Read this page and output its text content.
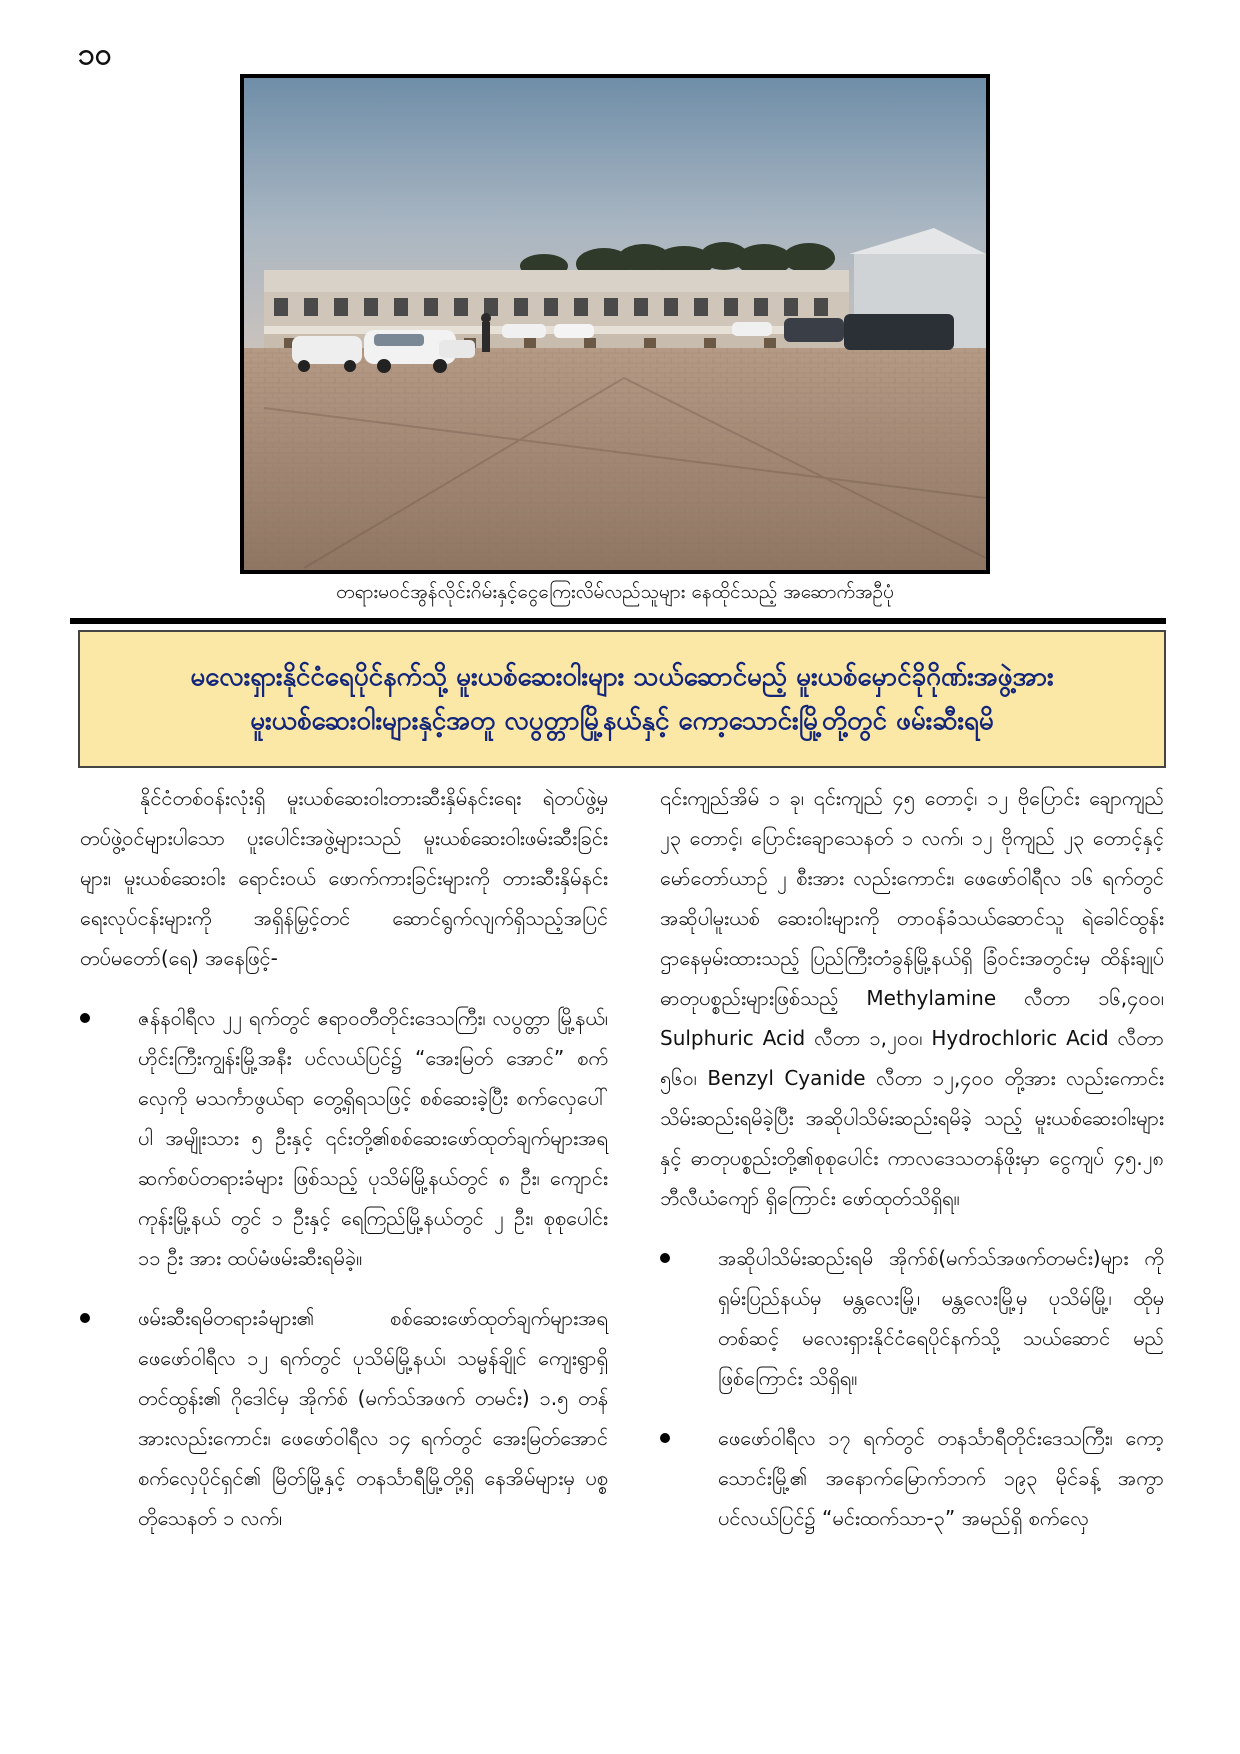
၁၀
တရားမဝင်အွန်လိုင်းဂိမ်းနှင့်ငွေကြေးလိမ်လည်သူများ နေထိုင်သည့် အဆောက်အဦပုံ
မလေးရှားနိုင်ငံရေပိုင်နက်သို့ မူးယစ်ဆေးဝါးများ သယ်ဆောင်မည့် မူးယစ်မှောင်ခိုဂိုဏ်းအဖွဲ့အား
မူးယစ်ဆေးဝါးများနှင့်အတူ လပွတ္တာမြို့နယ်နှင့် ကော့သောင်းမြို့တို့တွင် ဖမ်းဆီးရမိ

နိုင်ငံတစ်ဝန်းလုံးရှိ မူးယစ်ဆေးဝါးတားဆီးနှိမ်နင်းရေး ရဲတပ်ဖွဲ့မှ တပ်ဖွဲ့ဝင်များပါသော ပူးပေါင်းအဖွဲ့များသည် မူးယစ်ဆေးဝါးဖမ်းဆီးခြင်းများ၊ မူးယစ်ဆေးဝါး ရောင်းဝယ် ဖောက်ကားခြင်းများကို တားဆီးနှိမ်နင်းရေးလုပ်ငန်းများကို အရှိန်မြှင့်တင် ဆောင်ရွက်လျက်ရှိသည့်အပြင် တပ်မတော်(ရေ) အနေဖြင့်-

ဇန်နဝါရီလ ၂၂ ရက်တွင် ဧရာဝတီတိုင်းဒေသကြီး၊ လပွတ္တာ မြို့နယ်၊ ဟိုင်းကြီးကျွန်းမြို့အနီး ပင်လယ်ပြင်၌ “အေးမြတ် အောင်” စက်လှေကို မသင်္ကာဖွယ်ရာ တွေ့ရှိရသဖြင့် စစ်ဆေးခဲ့ပြီး စက်လှေပေါ်ပါ အမျိုးသား ၅ ဦးနှင့် ၎င်းတို့၏စစ်ဆေးဖော်ထုတ်ချက်များအရ ဆက်စပ်တရားခံများ ဖြစ်သည့် ပုသိမ်မြို့နယ်တွင် ၈ ဦး၊ ကျောင်းကုန်းမြို့နယ် တွင် ၁ ဦးနှင့် ရေကြည်မြို့နယ်တွင် ၂ ဦး၊ စုစုပေါင်း ၁၁ ဦး အား ထပ်မံဖမ်းဆီးရမိခဲ့။

ဖမ်းဆီးရမိတရားခံများ၏ စစ်ဆေးဖော်ထုတ်ချက်များအရ ဖေဖော်ဝါရီလ ၁၂ ရက်တွင် ပုသိမ်မြို့နယ်၊ သမ္မန်ချိုင် ကျေးရွာရှိ တင်ထွန်း၏ ဂိုဒေါင်မှ အိုက်စ် (မက်သ်အဖက် တမင်း) ၁.၅ တန်အားလည်းကောင်း၊ ဖေဖော်ဝါရီလ ၁၄ ရက်တွင် အေးမြတ်အောင် စက်လှေပိုင်ရှင်၏ မြိတ်မြို့နှင့် တနင်္သာရီမြို့တို့ရှိ နေအိမ်များမှ ပစ္စတိုသေနတ် ၁ လက်၊

၎င်းကျည်အိမ် ၁ ခု၊ ၎င်းကျည် ၄၅ တောင့်၊ ၁၂ ဗိုပြောင်း ချောကျည် ၂၃ တောင့်၊ ပြောင်းချောသေနတ် ၁ လက်၊ ၁၂ ဗိုကျည် ၂၃ တောင့်နှင့် မော်တော်ယာဉ် ၂ စီးအား လည်းကောင်း၊ ဖေဖော်ဝါရီလ ၁၆ ရက်တွင် အဆိုပါမူးယစ် ဆေးဝါးများကို တာဝန်ခံသယ်ဆောင်သူ ရဲခေါင်ထွန်း ဌာနေမှမ်းထားသည့် ပြည်ကြီးတံခွန်မြို့နယ်ရှိ ခြံဝင်းအတွင်းမှ ထိန်းချုပ်ဓာတုပစ္စည်းများဖြစ်သည့် Methylamine လီတာ ၁၆,၄၀၀၊ Sulphuric Acid လီတာ ၁,၂၀၀၊ Hydrochloric Acid လီတာ ၅၆၀၊ Benzyl Cyanide လီတာ ၁၂,၄၀၀ တို့အား လည်းကောင်း သိမ်းဆည်းရမိခဲ့ပြီး အဆိုပါသိမ်းဆည်းရမိခဲ့ သည့် မူးယစ်ဆေးဝါးများနှင့် ဓာတုပစ္စည်းတို့၏စုစုပေါင်း ကာလဒေသတန်ဖိုးမှာ ငွေကျပ် ၄၅.၂၈ ဘီလီယံကျော် ရှိကြောင်း ဖော်ထုတ်သိရှိရ။

အဆိုပါသိမ်းဆည်းရမိ အိုက်စ်(မက်သ်အဖက်တမင်း)များ ကို ရှမ်းပြည်နယ်မှ မန္တလေးမြို့၊ မန္တလေးမြို့မှ ပုသိမ်မြို့၊ ထိုမှတစ်ဆင့် မလေးရှားနိုင်ငံရေပိုင်နက်သို့ သယ်ဆောင် မည်ဖြစ်ကြောင်း သိရှိရ။

ဖေဖော်ဝါရီလ ၁၇ ရက်တွင် တနင်္သာရီတိုင်းဒေသကြီး၊ ကော့သောင်းမြို့၏ အနောက်မြောက်ဘက် ၁၉၃ မိုင်ခန့် အကွာ ပင်လယ်ပြင်၌ “မင်းထက်သာ-၃” အမည်ရှိ စက်လှေ
